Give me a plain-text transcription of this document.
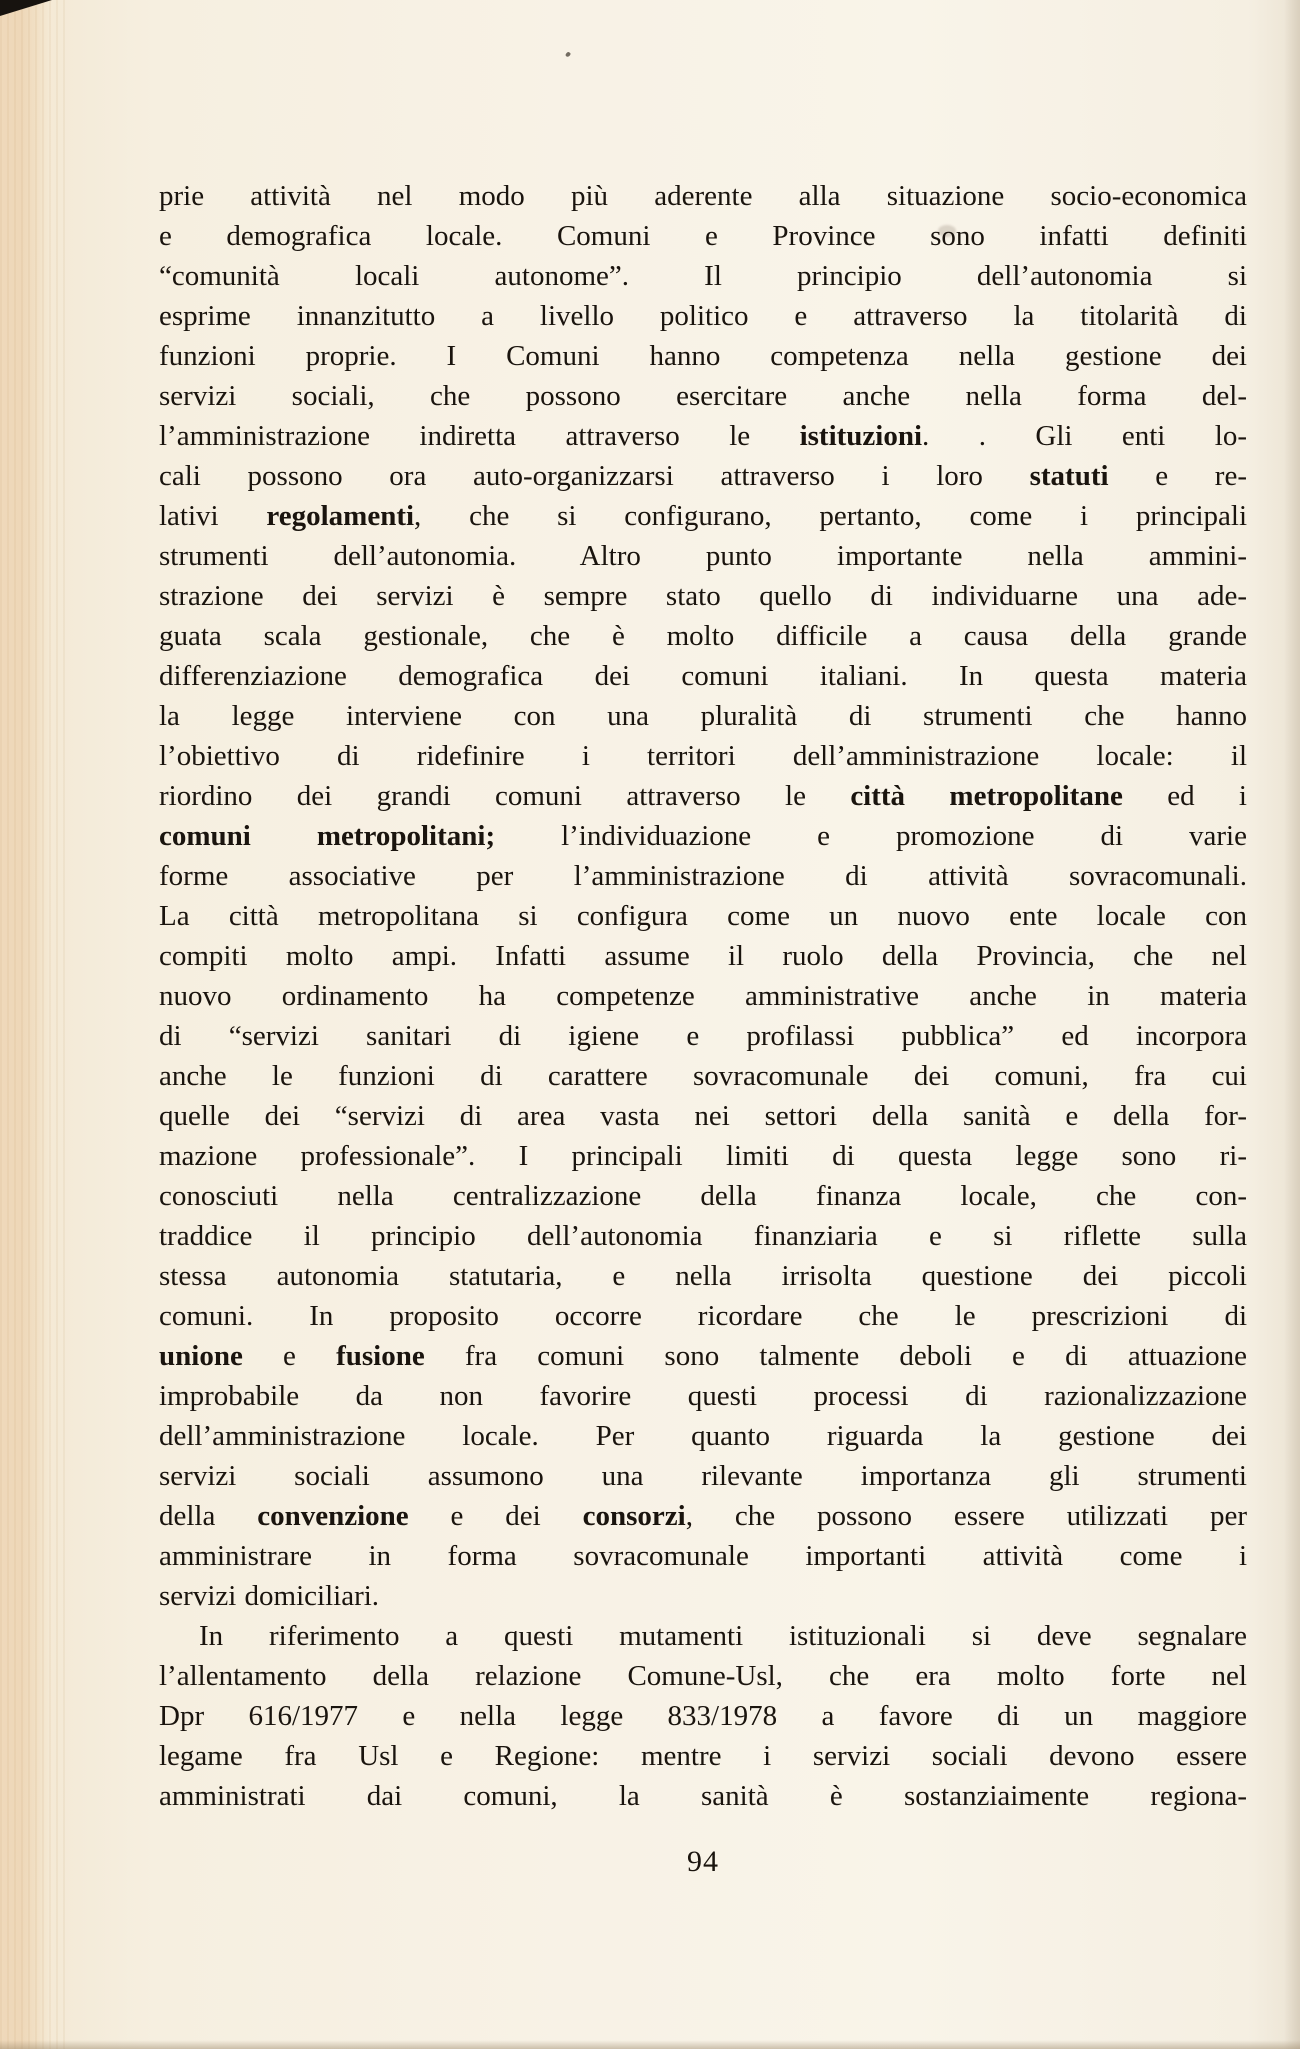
prie attività nel modo più aderente alla situazione socio-economica
e demografica locale. Comuni e Province sono infatti definiti
“comunità locali autonome”. Il principio dell’autonomia si
esprime innanzitutto a livello politico e attraverso la titolarità di
funzioni proprie. I Comuni hanno competenza nella gestione dei
servizi sociali, che possono esercitare anche nella forma del-
l’amministrazione indiretta attraverso le istituzioni. . Gli enti lo-
cali possono ora auto-organizzarsi attraverso i loro statuti e re-
lativi regolamenti, che si configurano, pertanto, come i principali
strumenti dell’autonomia. Altro punto importante nella ammini-
strazione dei servizi è sempre stato quello di individuarne una ade-
guata scala gestionale, che è molto difficile a causa della grande
differenziazione demografica dei comuni italiani. In questa materia
la legge interviene con una pluralità di strumenti che hanno
l’obiettivo di ridefinire i territori dell’amministrazione locale: il
riordino dei grandi comuni attraverso le città metropolitane ed i
comuni metropolitani; l’individuazione e promozione di varie
forme associative per l’amministrazione di attività sovracomunali.
La città metropolitana si configura come un nuovo ente locale con
compiti molto ampi. Infatti assume il ruolo della Provincia, che nel
nuovo ordinamento ha competenze amministrative anche in materia
di “servizi sanitari di igiene e profilassi pubblica” ed incorpora
anche le funzioni di carattere sovracomunale dei comuni, fra cui
quelle dei “servizi di area vasta nei settori della sanità e della for-
mazione professionale”. I principali limiti di questa legge sono ri-
conosciuti nella centralizzazione della finanza locale, che con-
traddice il principio dell’autonomia finanziaria e si riflette sulla
stessa autonomia statutaria, e nella irrisolta questione dei piccoli
comuni. In proposito occorre ricordare che le prescrizioni di
unione e fusione fra comuni sono talmente deboli e di attuazione
improbabile da non favorire questi processi di razionalizzazione
dell’amministrazione locale. Per quanto riguarda la gestione dei
servizi sociali assumono una rilevante importanza gli strumenti
della convenzione e dei consorzi, che possono essere utilizzati per
amministrare in forma sovracomunale importanti attività come i
servizi domiciliari.
In riferimento a questi mutamenti istituzionali si deve segnalare
l’allentamento della relazione Comune-Usl, che era molto forte nel
Dpr 616/1977 e nella legge 833/1978 a favore di un maggiore
legame fra Usl e Regione: mentre i servizi sociali devono essere
amministrati dai comuni, la sanità è sostanziaimente regiona-
94
